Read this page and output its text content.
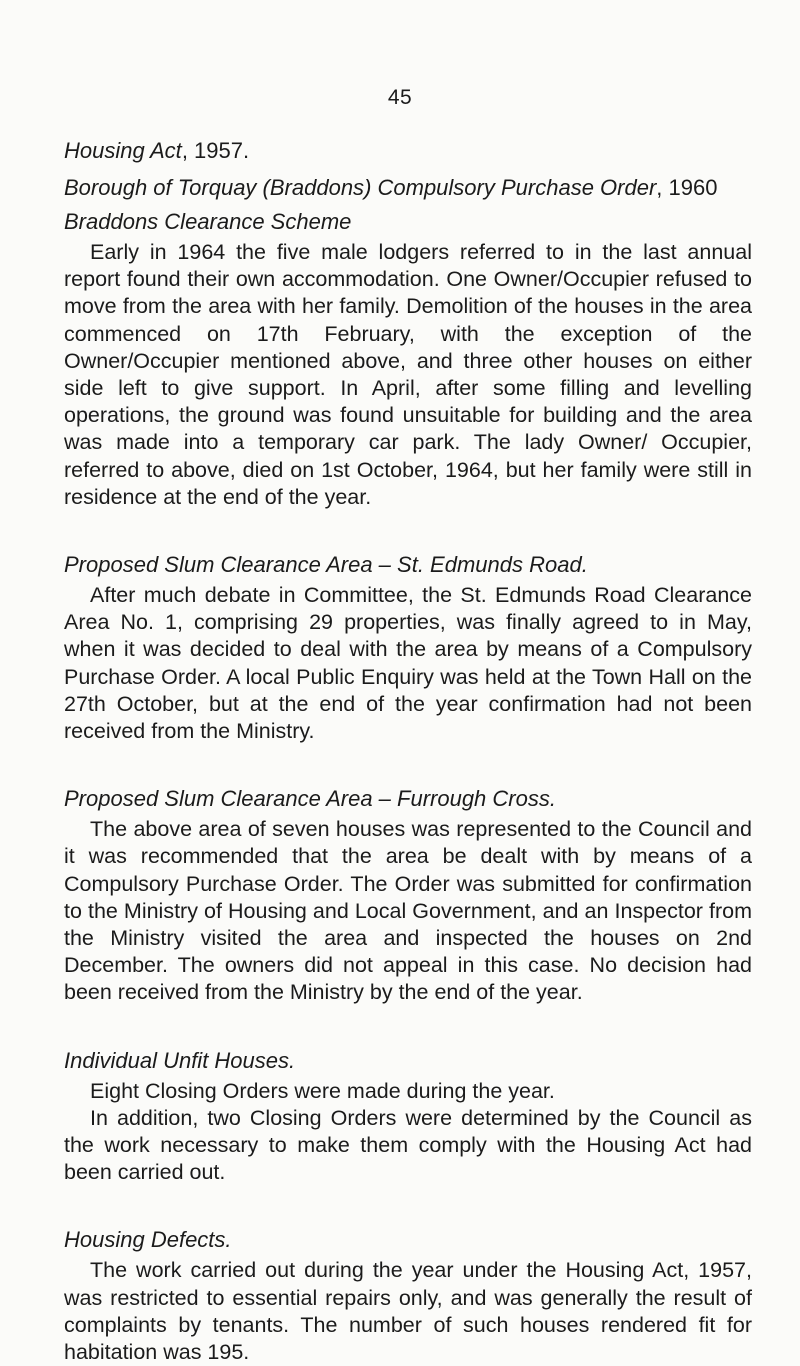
45

Housing Act, 1957.

Borough of Torquay (Braddons) Compulsory Purchase Order, 1960

Braddons Clearance Scheme

Early in 1964 the five male lodgers referred to in the last annual report found their own accommodation. One Owner/Occupier refused to move from the area with her family. Demolition of the houses in the area commenced on 17th February, with the exception of the Owner/Occupier mentioned above, and three other houses on either side left to give support. In April, after some filling and levelling operations, the ground was found unsuitable for building and the area was made into a temporary car park. The lady Owner/ Occupier, referred to above, died on 1st October, 1964, but her family were still in residence at the end of the year.

Proposed Slum Clearance Area – St. Edmunds Road.

After much debate in Committee, the St. Edmunds Road Clearance Area No. 1, comprising 29 properties, was finally agreed to in May, when it was decided to deal with the area by means of a Compulsory Purchase Order. A local Public Enquiry was held at the Town Hall on the 27th October, but at the end of the year confirmation had not been received from the Ministry.

Proposed Slum Clearance Area – Furrough Cross.

The above area of seven houses was represented to the Council and it was recommended that the area be dealt with by means of a Compulsory Purchase Order. The Order was submitted for confirmation to the Ministry of Housing and Local Government, and an Inspector from the Ministry visited the area and inspected the houses on 2nd December. The owners did not appeal in this case. No decision had been received from the Ministry by the end of the year.

Individual Unfit Houses.

Eight Closing Orders were made during the year.

In addition, two Closing Orders were determined by the Council as the work necessary to make them comply with the Housing Act had been carried out.

Housing Defects.

The work carried out during the year under the Housing Act, 1957, was restricted to essential repairs only, and was generally the result of complaints by tenants. The number of such houses rendered fit for habitation was 195.
